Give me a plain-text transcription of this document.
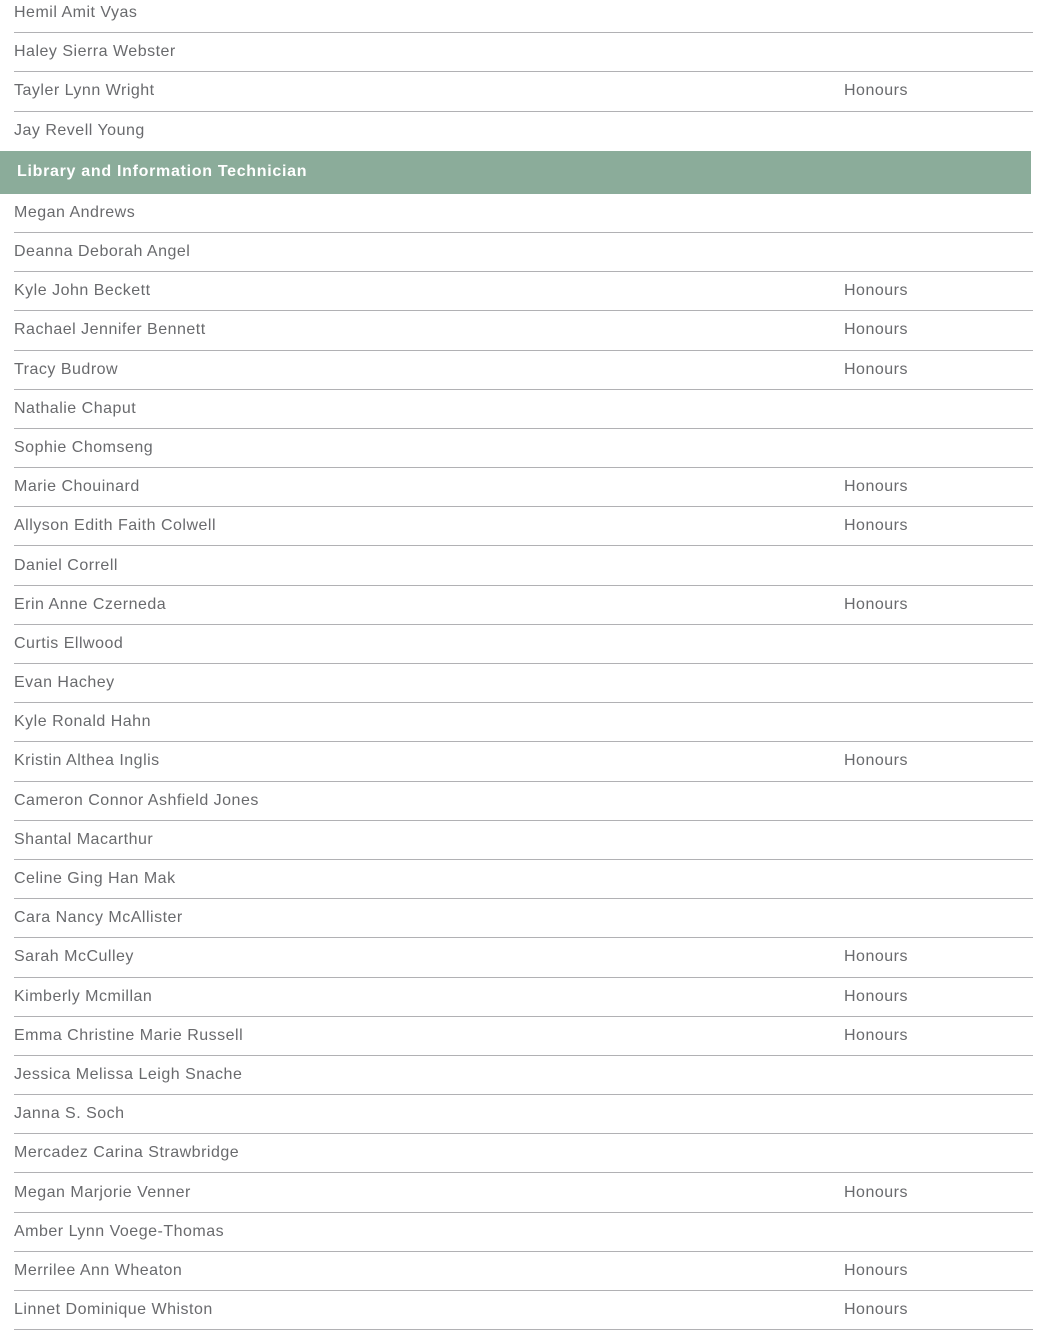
Hemil Amit Vyas
Haley Sierra Webster
Tayler Lynn Wright	Honours
Jay Revell Young
Library and Information Technician
Megan Andrews
Deanna Deborah Angel
Kyle John Beckett	Honours
Rachael Jennifer Bennett	Honours
Tracy Budrow	Honours
Nathalie Chaput
Sophie Chomseng
Marie Chouinard	Honours
Allyson Edith Faith Colwell	Honours
Daniel Correll
Erin Anne Czerneda	Honours
Curtis Ellwood
Evan Hachey
Kyle Ronald Hahn
Kristin Althea Inglis	Honours
Cameron Connor Ashfield Jones
Shantal Macarthur
Celine Ging Han Mak
Cara Nancy McAllister
Sarah McCulley	Honours
Kimberly Mcmillan	Honours
Emma Christine Marie Russell	Honours
Jessica Melissa Leigh Snache
Janna S. Soch
Mercadez Carina Strawbridge
Megan Marjorie Venner	Honours
Amber Lynn Voege-Thomas
Merrilee Ann Wheaton	Honours
Linnet Dominique Whiston	Honours
